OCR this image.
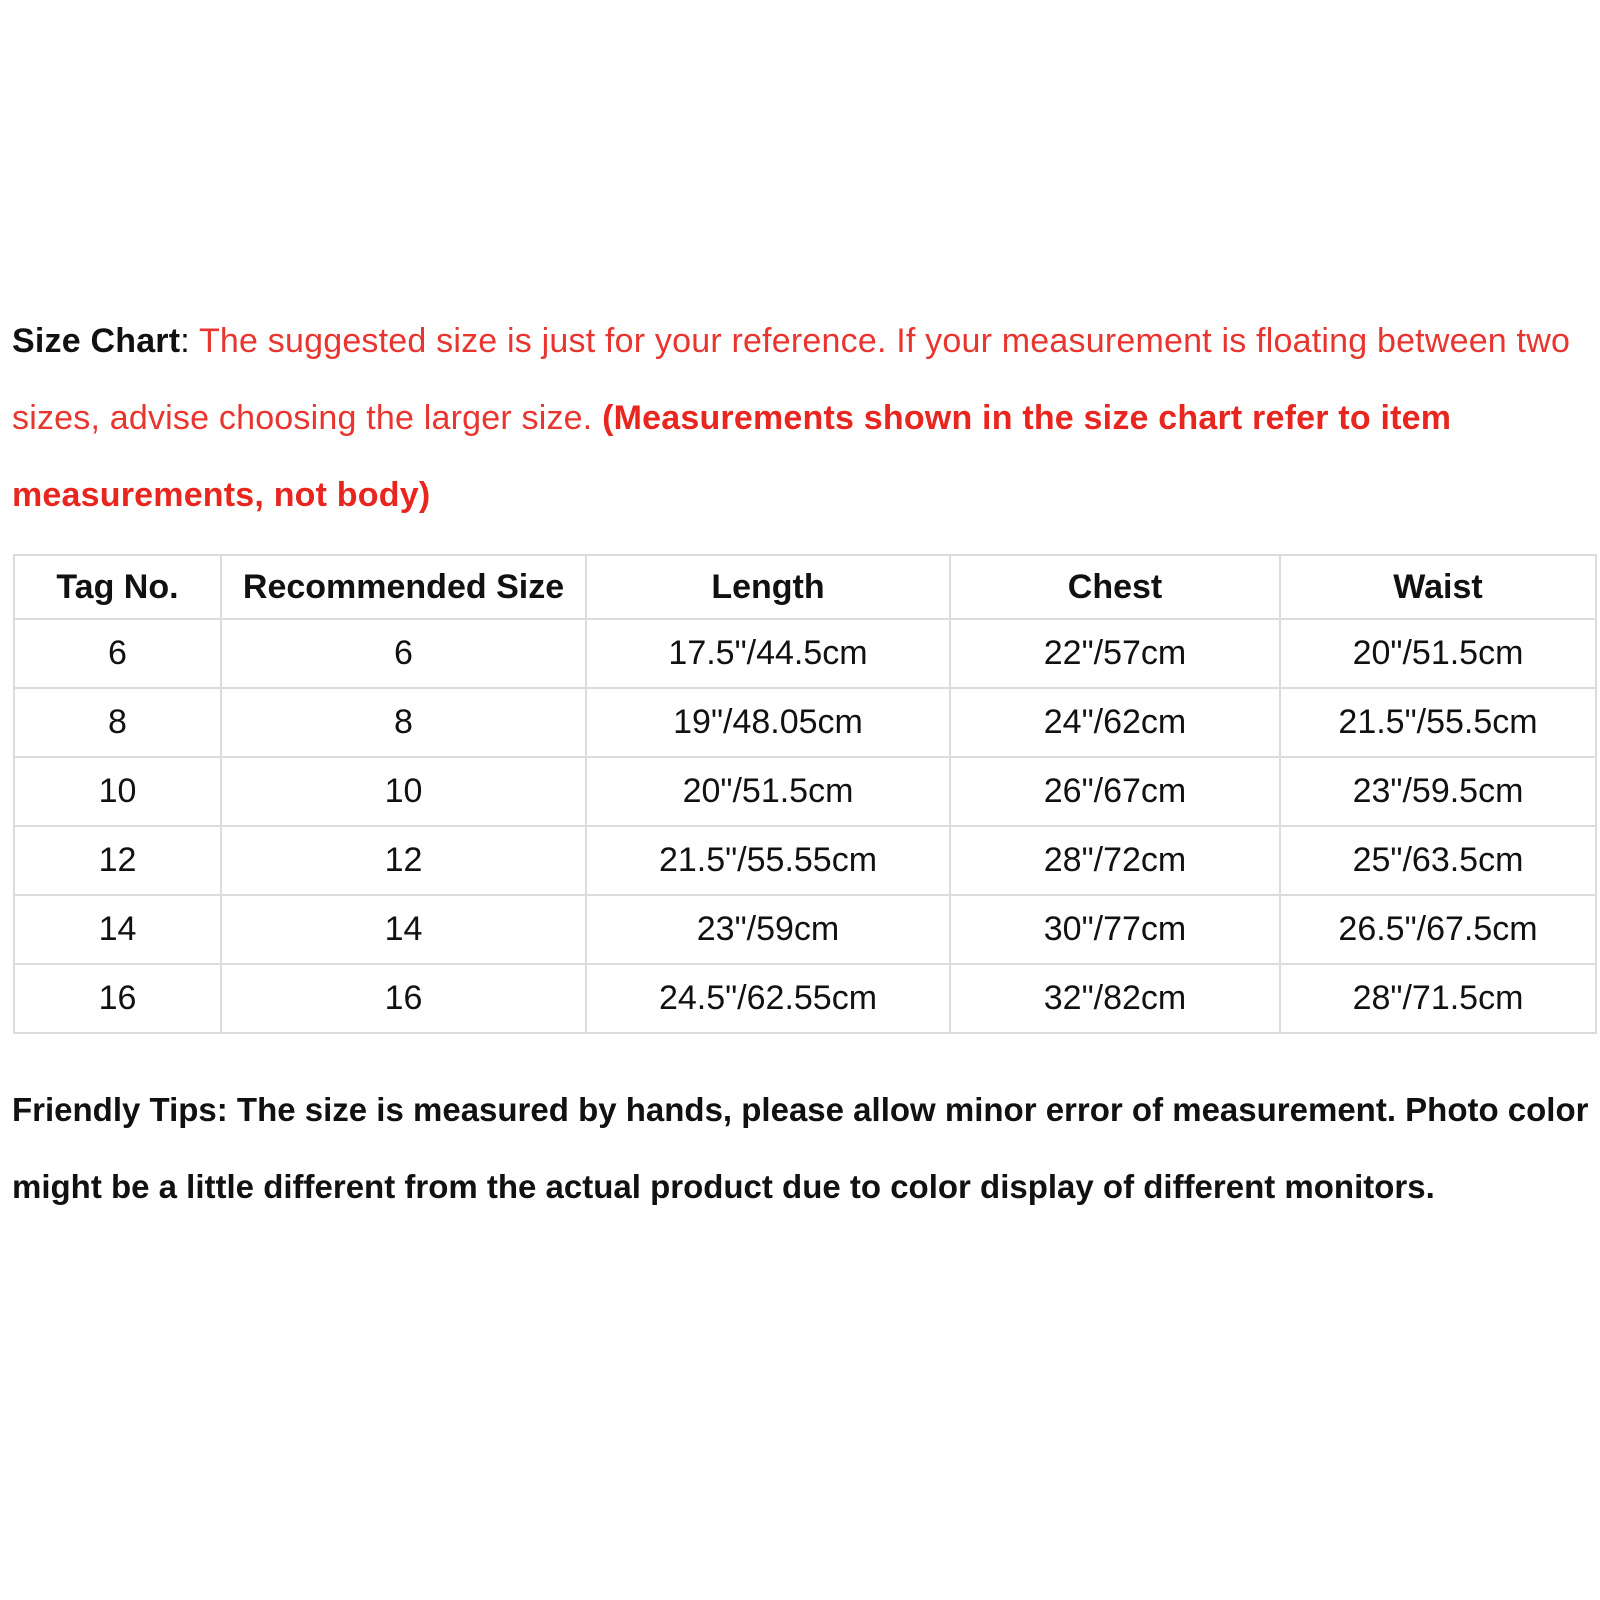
Size Chart: The suggested size is just for your reference. If your measurement is floating between two sizes, advise choosing the larger size. (Measurements shown in the size chart refer to item measurements, not body)
Tag No.	Recommended Size	Length	Chest	Waist
6	6	17.5"/44.5cm	22"/57cm	20"/51.5cm
8	8	19"/48.05cm	24"/62cm	21.5"/55.5cm
10	10	20"/51.5cm	26"/67cm	23"/59.5cm
12	12	21.5"/55.55cm	28"/72cm	25"/63.5cm
14	14	23"/59cm	30"/77cm	26.5"/67.5cm
16	16	24.5"/62.55cm	32"/82cm	28"/71.5cm
Friendly Tips: The size is measured by hands, please allow minor error of measurement. Photo color might be a little different from the actual product due to color display of different monitors.
